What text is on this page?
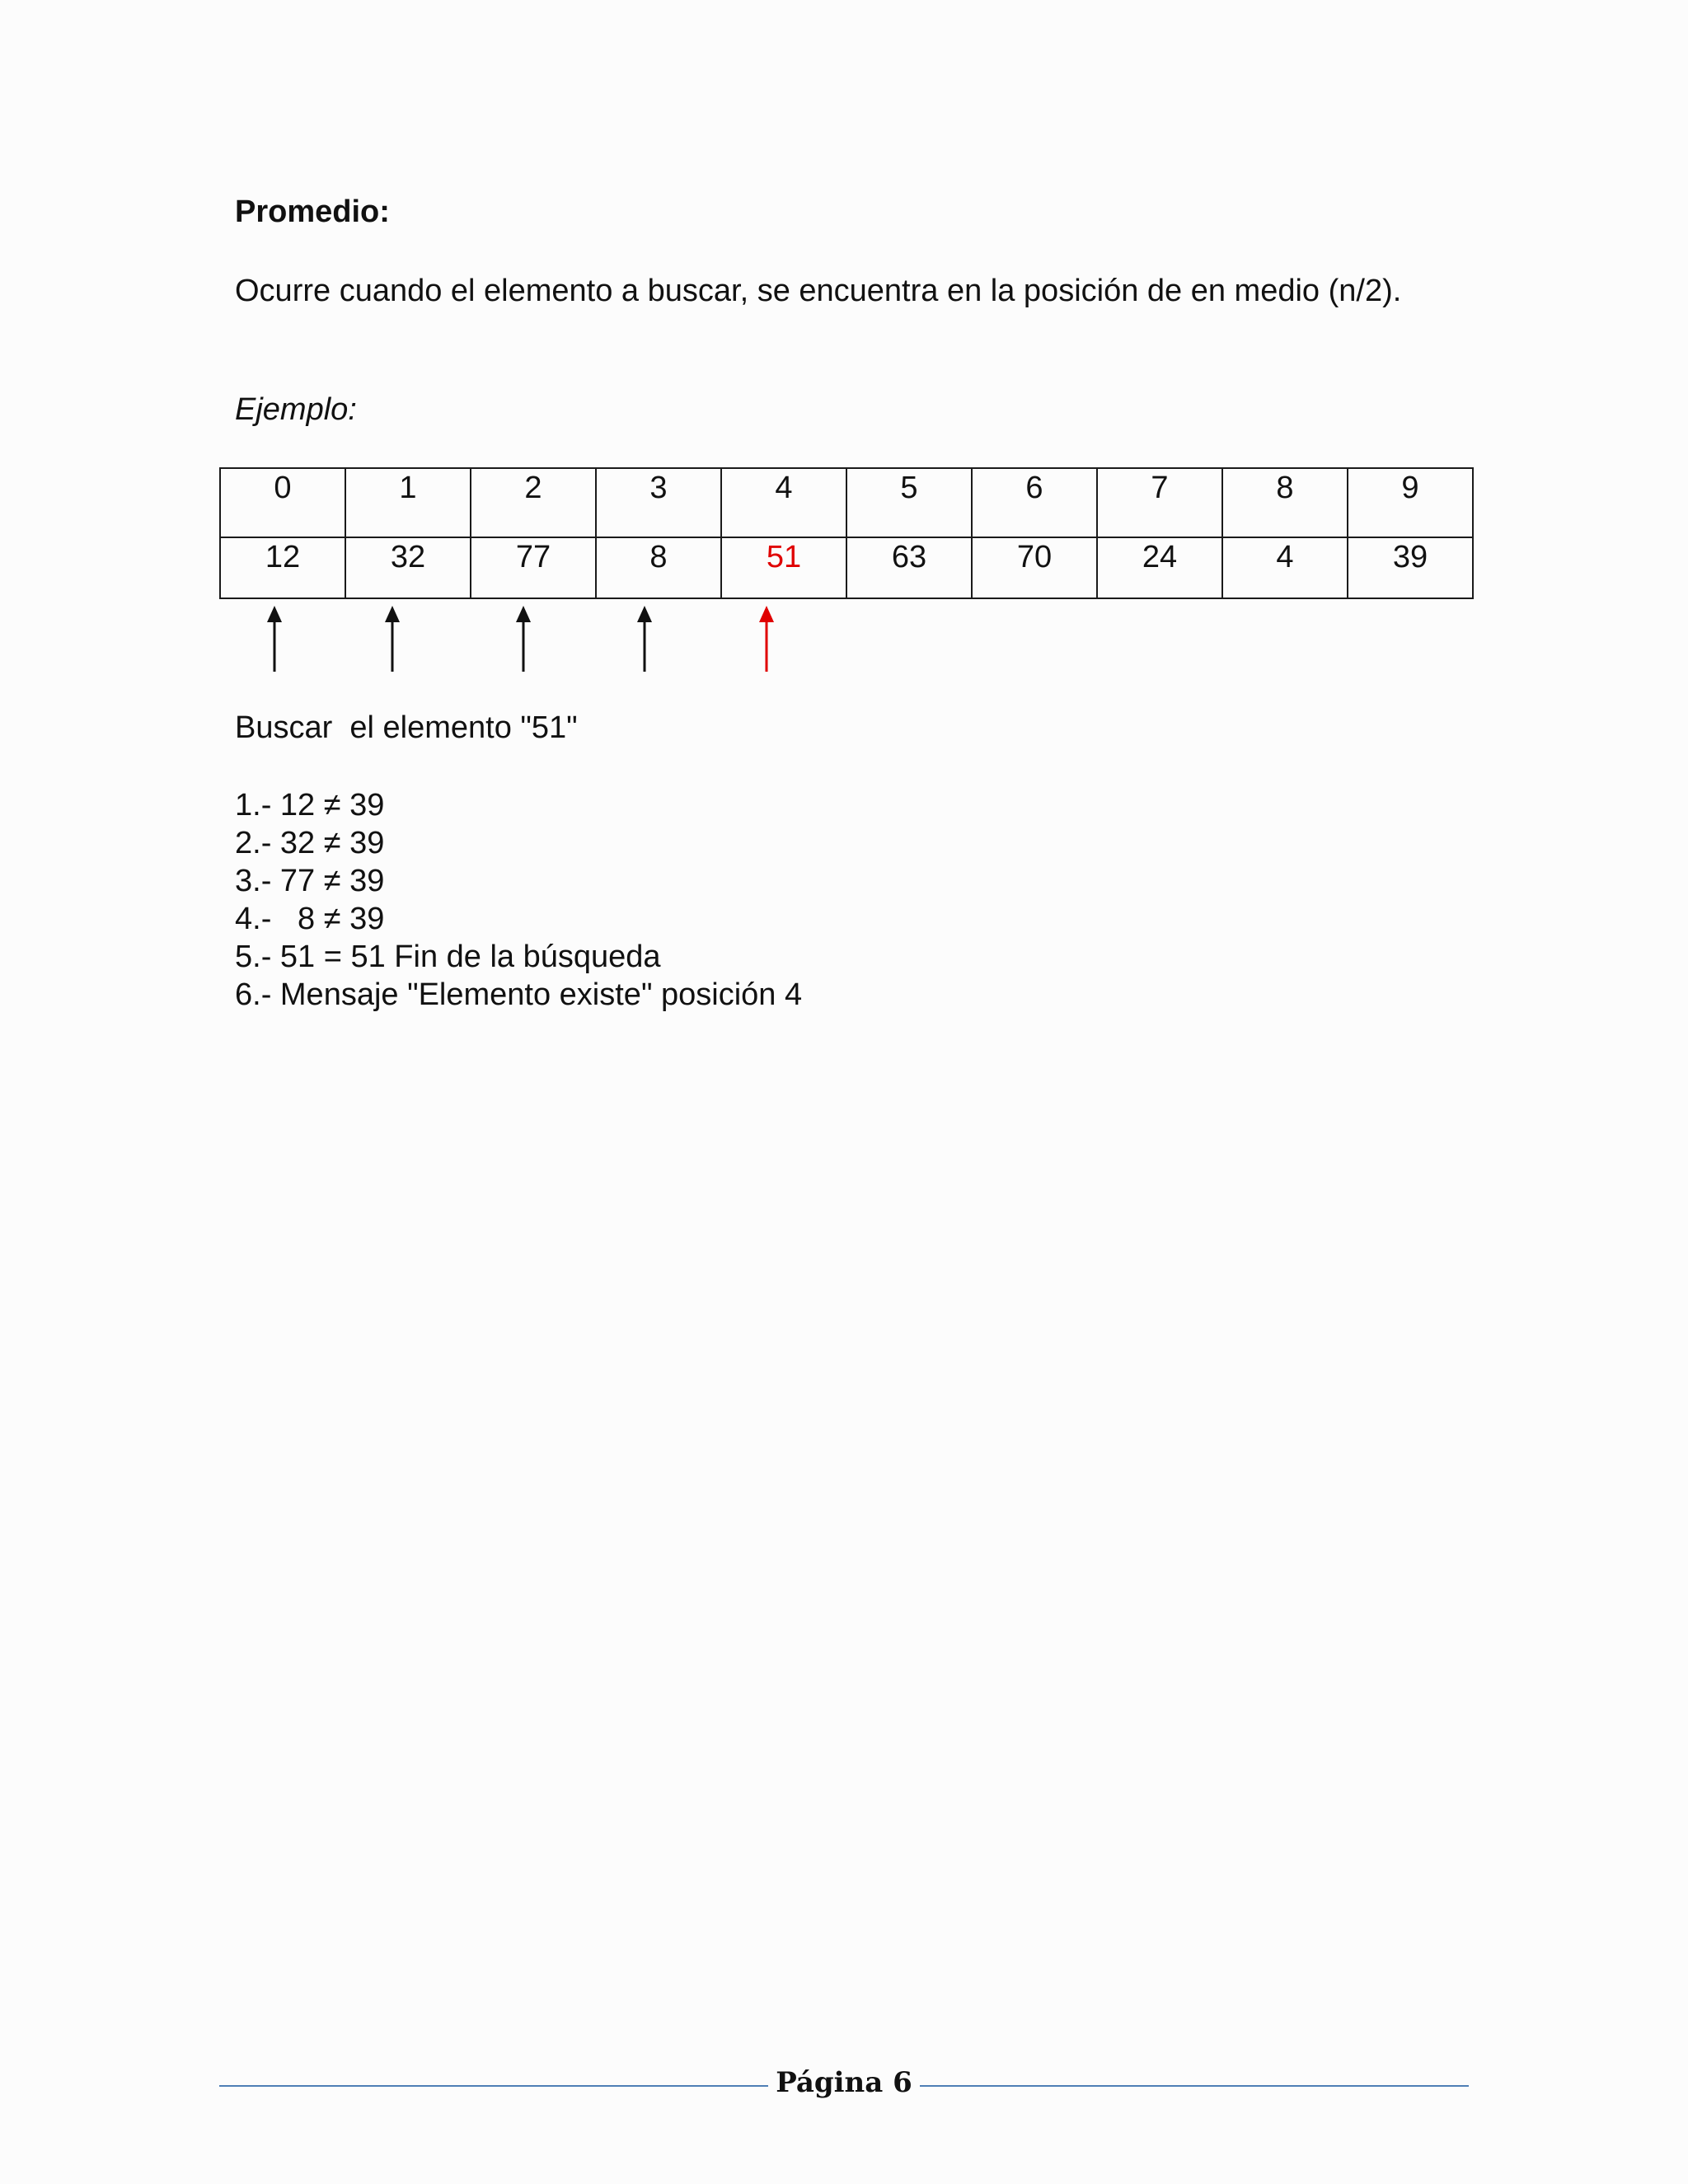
Promedio:

Ocurre cuando el elemento a buscar, se encuentra en la posición de en medio (n/2).

Ejemplo:

0	1	2	3	4	5	6	7	8	9
12	32	77	8	51	63	70	24	4	39

Buscar  el elemento "51"

1.- 12 ≠ 39
2.- 32 ≠ 39
3.- 77 ≠ 39
4.-   8 ≠ 39
5.- 51 = 51 Fin de la búsqueda
6.- Mensaje "Elemento existe" posición 4

Página 6
